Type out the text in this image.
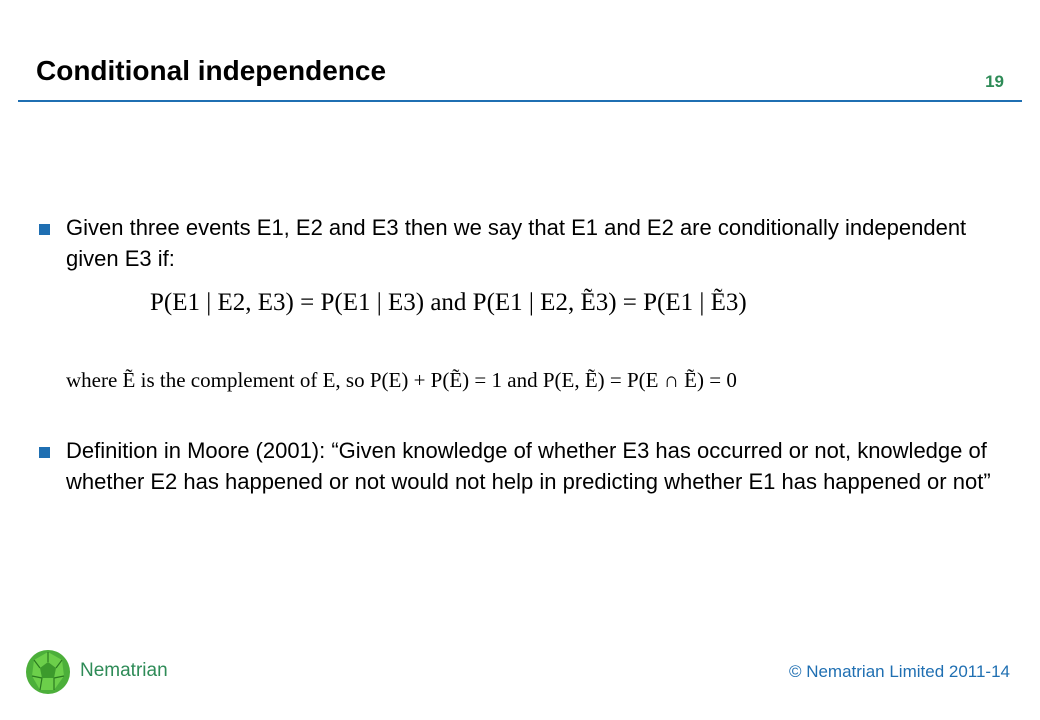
Conditional independence	19
Given three events E1, E2 and E3 then we say that E1 and E2 are conditionally independent given E3 if:
P(E1 | E2, E3) = P(E1 | E3) and P(E1 | E2, Ẽ3) = P(E1 | Ẽ3)
where Ẽ is the complement of E, so P(E) + P(Ẽ) = 1 and P(E, Ẽ) = P(E ∩ Ẽ) = 0
Definition in Moore (2001): “Given knowledge of whether E3 has occurred or not, knowledge of whether E2 has happened or not would not help in predicting whether E1 has happened or not”
Nematrian	© Nematrian Limited 2011-14
